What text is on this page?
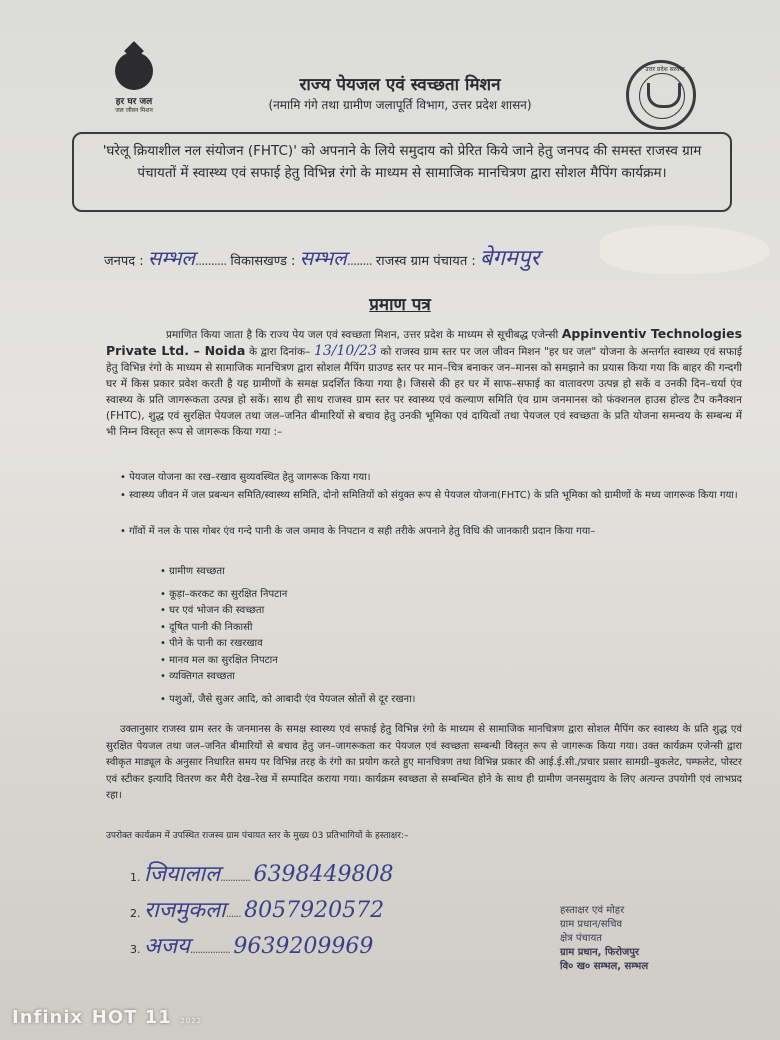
हर घर जल
जल जीवन मिशन
राज्य पेयजल एवं स्वच्छता मिशन
(नमामि गंगे तथा ग्रामीण जलापूर्ति विभाग, उत्तर प्रदेश शासन)
उत्तर प्रदेश सरकार
'घरेलू क्रियाशील नल संयोजन (FHTC)' को अपनाने के लिये समुदाय को प्रेरित किये जाने हेतु जनपद की समस्त राजस्व ग्राम पंचायतों में स्वास्थ्य एवं सफाई हेतु विभिन्न रंगो के माध्यम से सामाजिक मानचित्रण द्वारा सोशल मैपिंग कार्यक्रम।
जनपद : सम्भल.......... विकासखण्ड : सम्भल........ राजस्व ग्राम पंचायत : बेगमपुर
प्रमाण पत्र
प्रमाणित किया जाता है कि राज्य पेय जल एवं स्वच्छता मिशन, उत्तर प्रदेश के माध्यम से सूचीबद्ध एजेन्सी Appinventiv Technologies Private Ltd. – Noida के द्वारा दिनांक– 13/10/23 को राजस्व ग्राम स्तर पर जल जीवन मिशन "हर घर जल" योजना के अन्तर्गत स्वास्थ्य एवं सफाई हेतु विभिन्न रंगो के माध्यम से सामाजिक मानचित्रण द्वारा सोशल मैपिंग ग्राउण्ड स्तर पर मान–चित्र बनाकर जन–मानस को समझाने का प्रयास किया गया कि बाहर की गन्दगी घर में किस प्रकार प्रवेश करती है यह ग्रामीणों के समक्ष प्रदर्शित किया गया है। जिससे की हर घर में साफ–सफाई का वातावरण उत्पन्न हो सकें व उनकी दिन–चर्या एंव स्वास्थ्य के प्रति जागरूकता उत्पन्न हो सकें। साथ ही साथ राजस्व ग्राम स्तर पर स्वास्थ्य एवं कल्याण समिति एंव ग्राम जनमानस को फंक्शनल हाउस होल्ड टैप कनैक्शन (FHTC), शुद्ध एवं सुरक्षित पेयजल तथा जल–जनित बीमारियों से बचाव हेतु उनकी भूमिका एवं दायित्वों तथा पेयजल एवं स्वच्छता के प्रति योजना समन्वय के सम्बन्ध में भी निम्न विस्तृत रूप से जागरूक किया गया :–
• पेयजल योजना का रख–रखाव सुव्यवस्थित हेतु जागरूक किया गया।
• स्वास्थ्य जीवन में जल प्रबन्धन समिति/स्वास्थ्य समिति, दोनो समितियों को संयुक्त रूप से पेयजल योजना(FHTC) के प्रति भूमिका को ग्रामीणों के मध्य जागरूक किया गया।
• गॉवों में नल के पास गोबर एंव गन्दे पानी के जल जमाव के निपटान व सही तरीके अपनाने हेतु विधि की जानकारी प्रदान किया गया–
• ग्रामीण स्वच्छता
• कूड़ा–करकट का सुरक्षित निपटान
• घर एवं भोजन की स्वच्छता
• दूषित पानी की निकासी
• पीने के पानी का रखरखाव
• मानव मल का सुरक्षित निपटान
• व्यक्तिगत स्वच्छता
• पशुओं, जैसे सुअर आदि, को आबादी एंव पेयजल स्रोतों से दूर रखना।
उक्तानुसार राजस्व ग्राम स्तर के जनमानस के समक्ष स्वास्थ्य एवं सफाई हेतु विभिन्न रंगो के माध्यम से सामाजिक मानचित्रण द्वारा सोशल मैपिंग कर स्वास्थ्य के प्रति शुद्ध एवं सुरक्षित पेयजल तथा जल–जनित बीमारियों से बचाव हेतु जन–जागरूकता कर पेयजल एवं स्वच्छता सम्बन्धी विस्तृत रूप से जागरूक किया गया। उक्त कार्यक्रम एजेन्सी द्वारा स्वीकृत माड्यूल के अनुसार निधारित समय पर विभिन्न तरह के रंगो का प्रयोग करते हुए मानचित्रण तथा विभिन्न प्रकार की आई.ई.सी./प्रचार प्रसार सामग्री–बुकलेट, पम्फलेट, पोस्टर एवं स्टीकर इत्यादि वितरण कर मैरी देख–रेख में सम्पादित कराया गया। कार्यक्रम स्वच्छता से सम्बन्धित होने के साथ ही ग्रामीण जनसमुदाय के लिए अत्यन्त उपयोगी एवं लाभप्रद रहा।
उपरोक्त कार्यक्रम में उपस्थित राजस्व ग्राम पंचायत स्तर के मुख्य 03 प्रतिभागियों के हस्ताक्षर:–
1. जियालाल............ 6398449808
2. राजमुकला...... 8057920572
3. अजय................ 9639209969
हस्ताक्षर एवं मोहर
ग्राम प्रधान/सचिव
क्षेत्र पंचायत
ग्राम प्रधान, फिरोजपुर
वि० ख० सम्भल, सम्भल
Infinix HOT 11 2022
